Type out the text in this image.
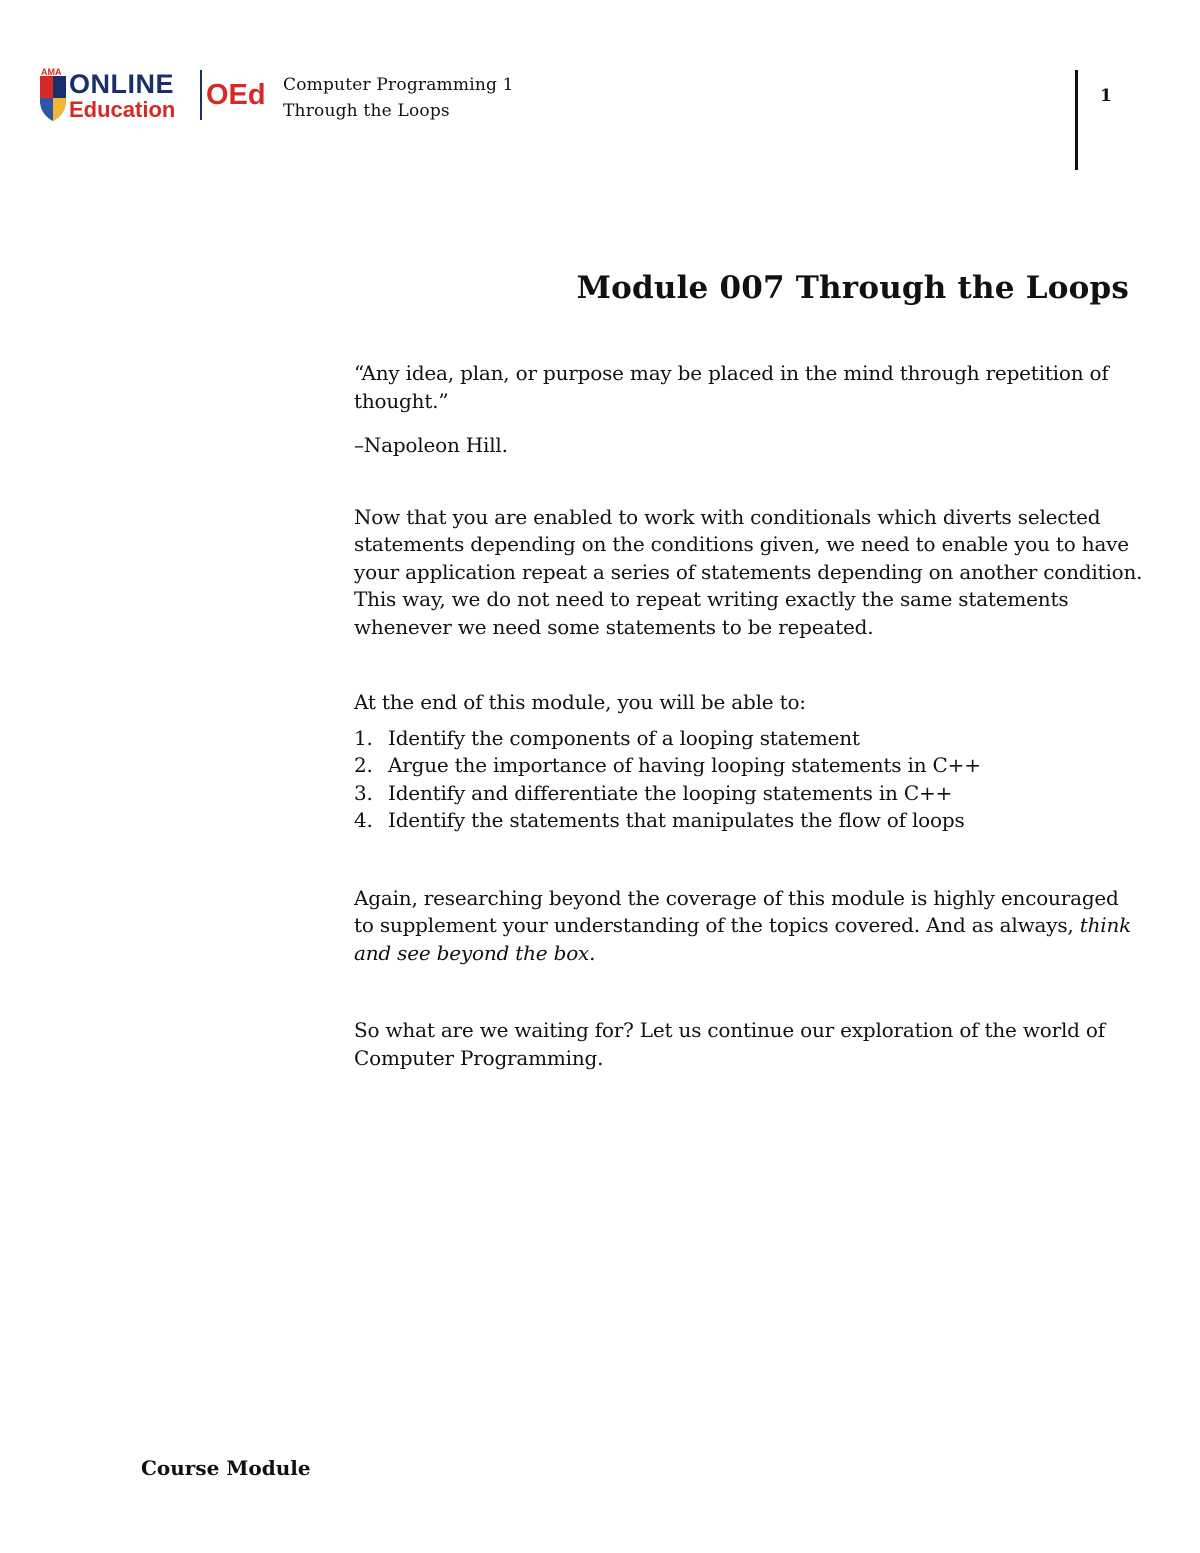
AMA ONLINE
Education OEd Computer Programming 1
Through the Loops
1
Module 007 Through the Loops

“Any idea, plan, or purpose may be placed in the mind through repetition of thought.”

–Napoleon Hill.

Now that you are enabled to work with conditionals which diverts selected statements depending on the conditions given, we need to enable you to have your application repeat a series of statements depending on another condition. This way, we do not need to repeat writing exactly the same statements whenever we need some statements to be repeated.

At the end of this module, you will be able to:

1. Identify the components of a looping statement
2. Argue the importance of having looping statements in C++
3. Identify and differentiate the looping statements in C++
4. Identify the statements that manipulates the flow of loops

Again, researching beyond the coverage of this module is highly encouraged to supplement your understanding of the topics covered. And as always, think and see beyond the box.

So what are we waiting for? Let us continue our exploration of the world of Computer Programming.

Course Module
